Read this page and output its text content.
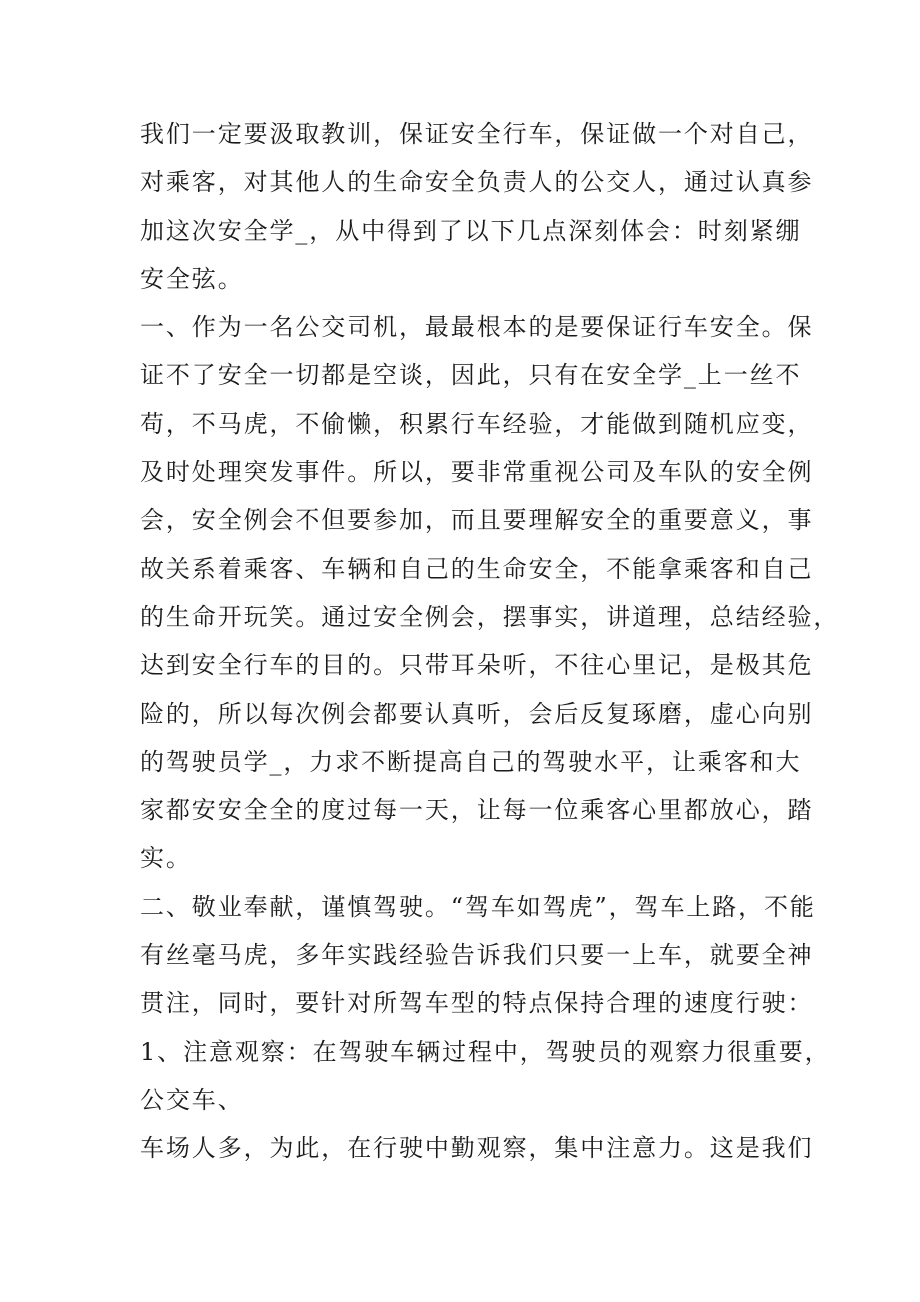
我们一定要汲取教训，保证安全行车，保证做一个对自己，
对乘客，对其他人的生命安全负责人的公交人，通过认真参
加这次安全学_，从中得到了以下几点深刻体会：时刻紧绷
安全弦。
一、作为一名公交司机，最最根本的是要保证行车安全。保
证不了安全一切都是空谈，因此，只有在安全学_上一丝不
苟，不马虎，不偷懒，积累行车经验，才能做到随机应变，
及时处理突发事件。所以，要非常重视公司及车队的安全例
会，安全例会不但要参加，而且要理解安全的重要意义，事
故关系着乘客、车辆和自己的生命安全，不能拿乘客和自己
的生命开玩笑。通过安全例会，摆事实，讲道理，总结经验，
达到安全行车的目的。只带耳朵听，不往心里记，是极其危
险的，所以每次例会都要认真听，会后反复琢磨，虚心向别
的驾驶员学_，力求不断提高自己的驾驶水平，让乘客和大
家都安安全全的度过每一天，让每一位乘客心里都放心，踏
实。
二、敬业奉献，谨慎驾驶。“驾车如驾虎”，驾车上路，不能
有丝毫马虎，多年实践经验告诉我们只要一上车，就要全神
贯注，同时，要针对所驾车型的特点保持合理的速度行驶：
1、注意观察：在驾驶车辆过程中，驾驶员的观察力很重要，
公交车、
车场人多，为此，在行驶中勤观察，集中注意力。这是我们
